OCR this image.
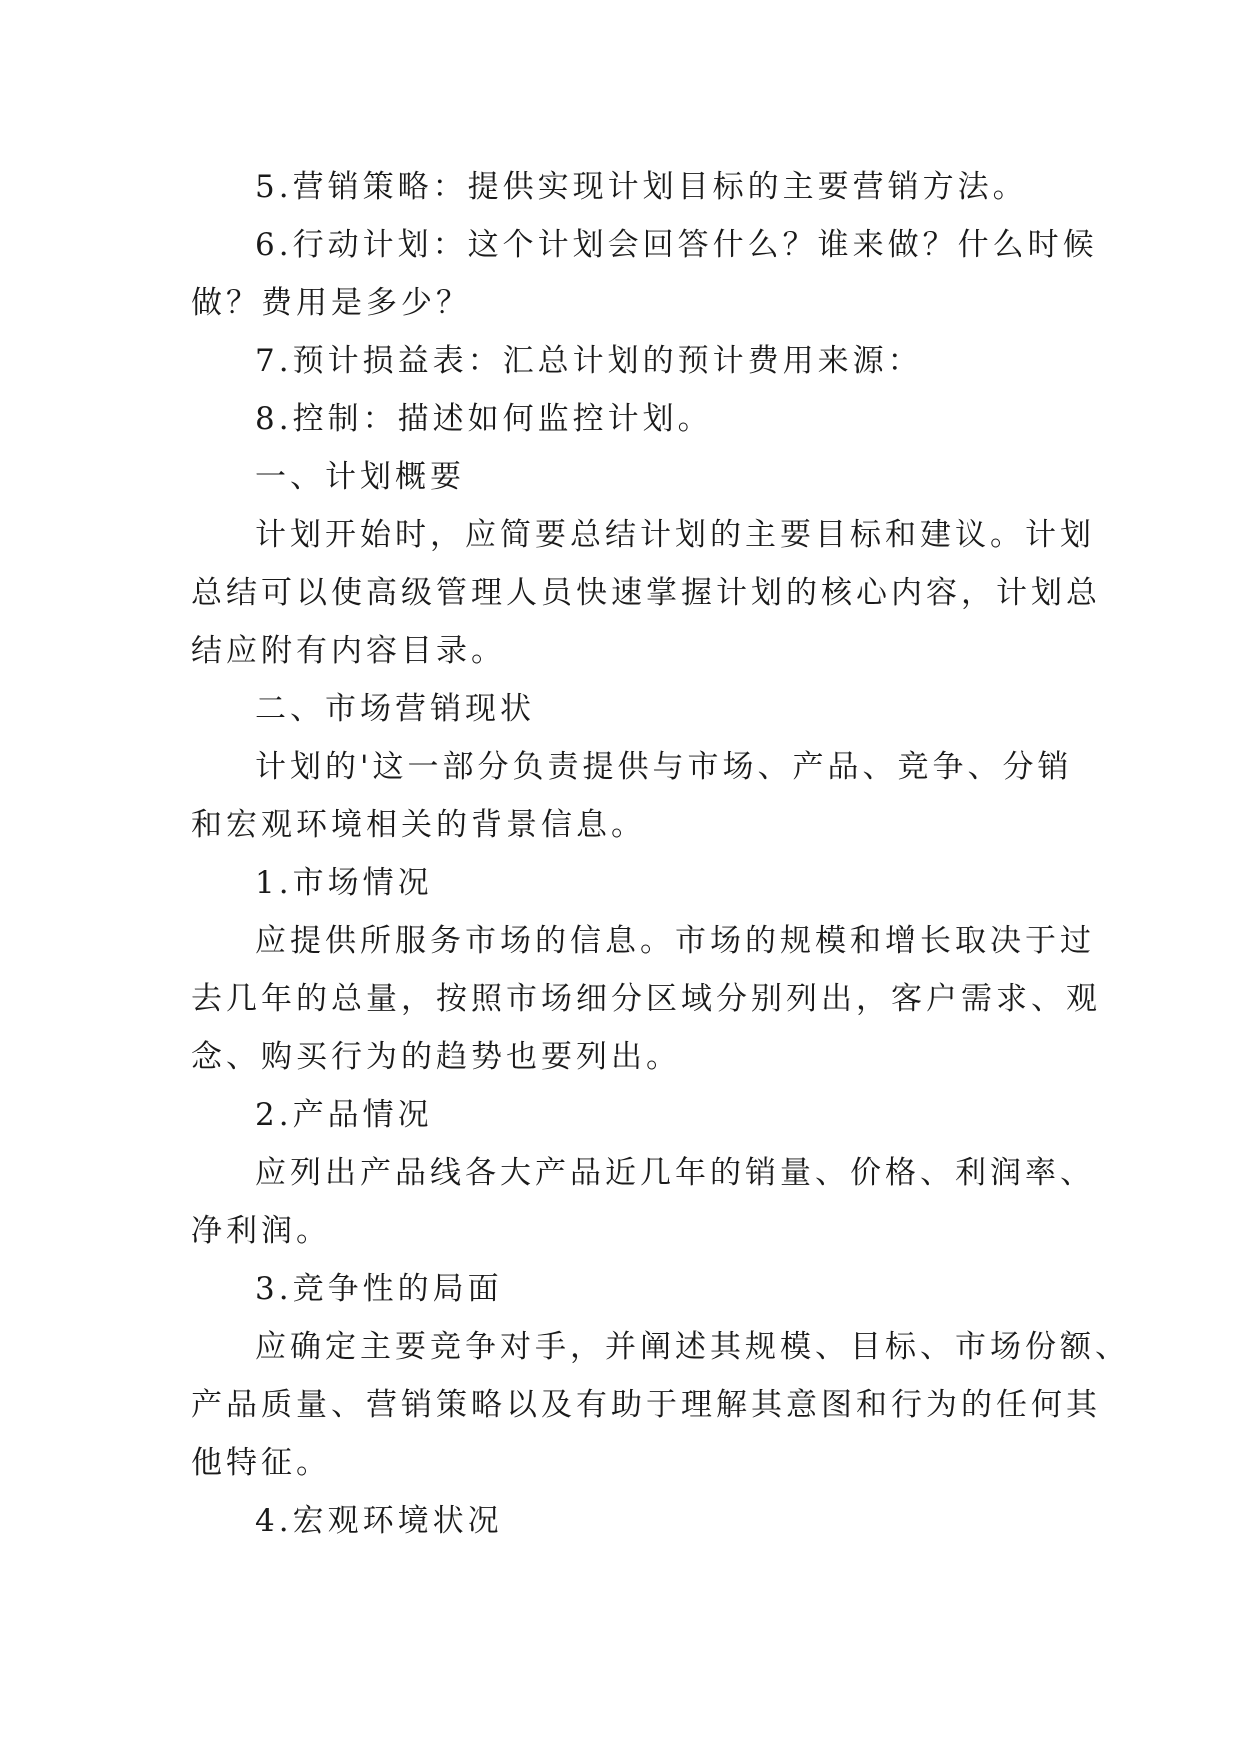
5.营销策略：提供实现计划目标的主要营销方法。

6.行动计划：这个计划会回答什么？谁来做？什么时候

做？费用是多少？

7.预计损益表：汇总计划的预计费用来源：

8.控制：描述如何监控计划。

一、计划概要

计划开始时，应简要总结计划的主要目标和建议。计划

总结可以使高级管理人员快速掌握计划的核心内容，计划总

结应附有内容目录。

二、市场营销现状

计划的'这一部分负责提供与市场、产品、竞争、分销

和宏观环境相关的背景信息。

1.市场情况

应提供所服务市场的信息。市场的规模和增长取决于过

去几年的总量，按照市场细分区域分别列出，客户需求、观

念、购买行为的趋势也要列出。

2.产品情况

应列出产品线各大产品近几年的销量、价格、利润率、

净利润。

3.竞争性的局面

应确定主要竞争对手，并阐述其规模、目标、市场份额、

产品质量、营销策略以及有助于理解其意图和行为的任何其

他特征。

4.宏观环境状况
